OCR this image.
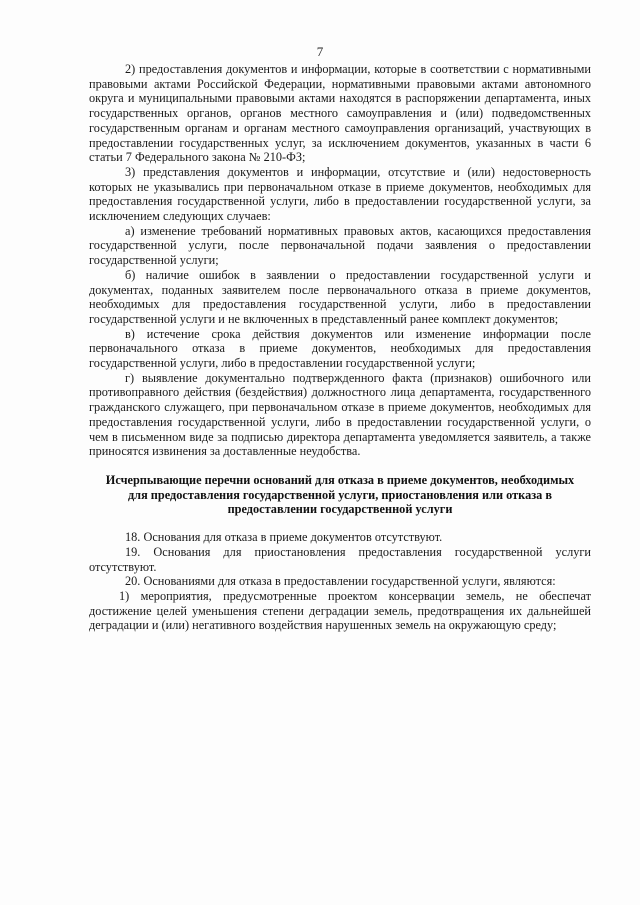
7

2) предоставления документов и информации, которые в соответствии с нормативными правовыми актами Российской Федерации, нормативными правовыми актами автономного округа и муниципальными правовыми актами находятся в распоряжении департамента, иных государственных органов, органов местного самоуправления и (или) подведомственных государственным органам и органам местного самоуправления организаций, участвующих в предоставлении государственных услуг, за исключением документов, указанных в части 6 статьи 7 Федерального закона № 210-ФЗ;

3) представления документов и информации, отсутствие и (или) недостоверность которых не указывались при первоначальном отказе в приеме документов, необходимых для предоставления государственной услуги, либо в предоставлении государственной услуги, за исключением следующих случаев:

а) изменение требований нормативных правовых актов, касающихся предоставления государственной услуги, после первоначальной подачи заявления о предоставлении государственной услуги;

б) наличие ошибок в заявлении о предоставлении государственной услуги и документах, поданных заявителем после первоначального отказа в приеме документов, необходимых для предоставления государственной услуги, либо в предоставлении государственной услуги и не включенных в представленный ранее комплект документов;

в) истечение срока действия документов или изменение информации после первоначального отказа в приеме документов, необходимых для предоставления государственной услуги, либо в предоставлении государственной услуги;

г) выявление документально подтвержденного факта (признаков) ошибочного или противоправного действия (бездействия) должностного лица департамента, государственного гражданского служащего, при первоначальном отказе в приеме документов, необходимых для предоставления государственной услуги, либо в предоставлении государственной услуги, о чем в письменном виде за подписью директора департамента уведомляется заявитель, а также приносятся извинения за доставленные неудобства.

Исчерпывающие перечни оснований для отказа в приеме документов, необходимых для предоставления государственной услуги, приостановления или отказа в предоставлении государственной услуги

18. Основания для отказа в приеме документов отсутствуют.

19. Основания для приостановления предоставления государственной услуги отсутствуют.

20. Основаниями для отказа в предоставлении государственной услуги, являются:

1) мероприятия, предусмотренные проектом консервации земель, не обеспечат достижение целей уменьшения степени деградации земель, предотвращения их дальнейшей деградации и (или) негативного воздействия нарушенных земель на окружающую среду;
